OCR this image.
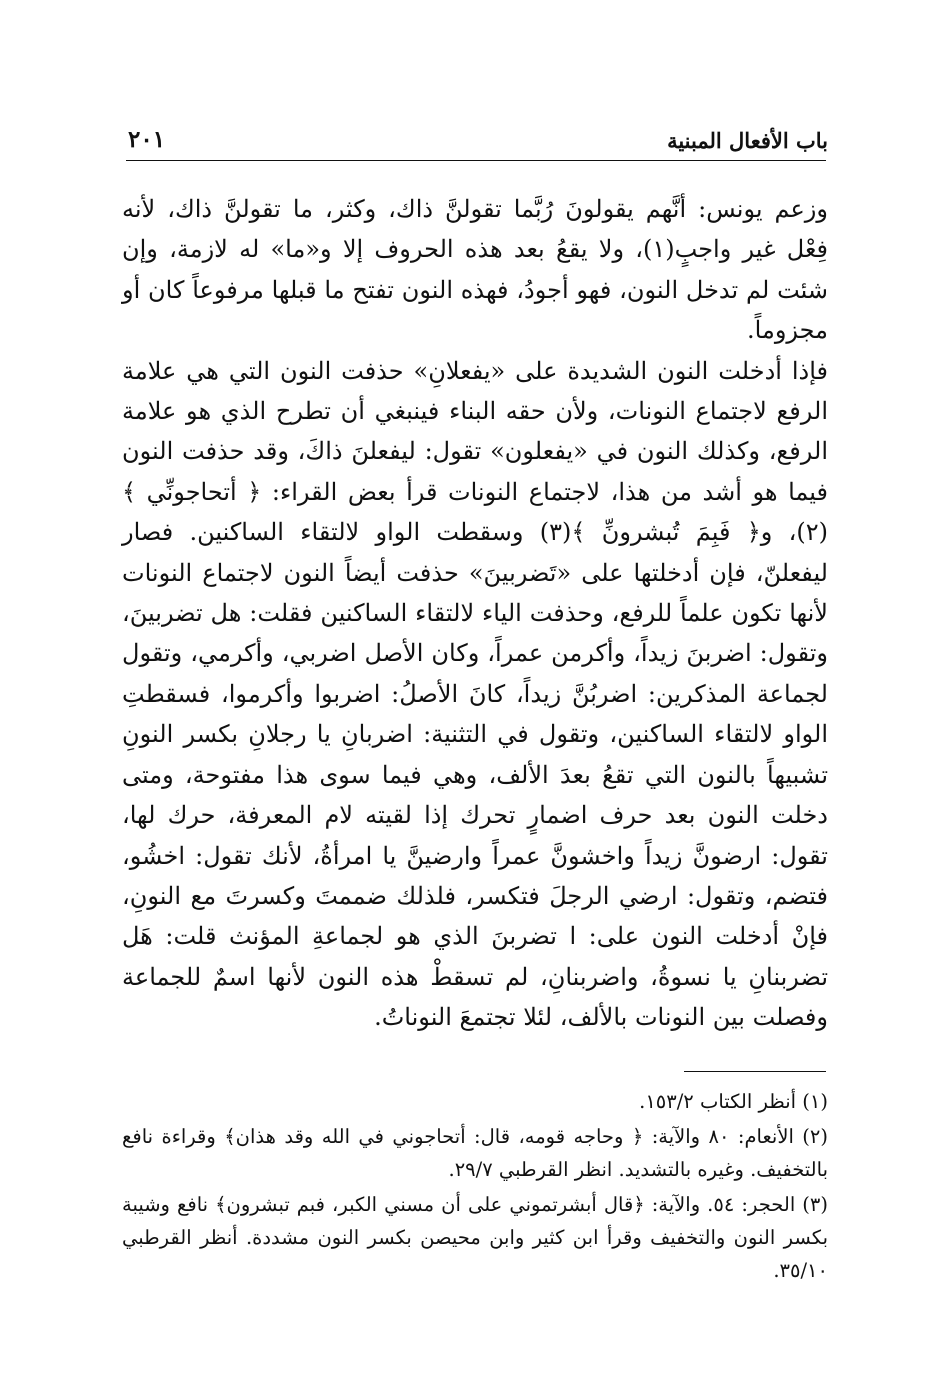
باب الأفعال المبنية
٢٠١

وزعم يونس: أنَّهم يقولونَ رُبَّما تقولنَّ ذاك، وكثر، ما تقولنَّ ذاك، لأنه فِعْل غير واجبٍ(١)، ولا يقعُ بعد هذه الحروف إلا و«ما» له لازمة، وإن شئت لم تدخل النون، فهو أجودُ، فهذه النون تفتح ما قبلها مرفوعاً كان أو مجزوماً.

فإذا أدخلت النون الشديدة على «يفعلانِ» حذفت النون التي هي علامة الرفع لاجتماع النونات، ولأن حقه البناء فينبغي أن تطرح الذي هو علامة الرفع، وكذلك النون في «يفعلون» تقول: ليفعلنَ ذاكَ، وقد حذفت النون فيما هو أشد من هذا، لاجتماع النونات قرأ بعض القراء: ﴿ أتحاجونِّي ﴾(٢)، و﴿ فَبِمَ تُبشرونِّ ﴾(٣) وسقطت الواو لالتقاء الساكنين. فصار ليفعلنّ، فإن أدخلتها على «تَضربينَ» حذفت أيضاً النون لاجتماع النونات لأنها تكون علماً للرفع، وحذفت الياء لالتقاء الساكنين فقلت: هل تضربينَ، وتقول: اضربنَ زيداً، وأكرمن عمراً، وكان الأصل اضربي، وأكرمي، وتقول لجماعة المذكرين: اضربُنَّ زيداً، كانَ الأصلُ: اضربوا وأكرموا، فسقطتِ الواو لالتقاء الساكنين، وتقول في التثنية: اضربانِ يا رجلانِ بكسر النونِ تشبيهاً بالنون التي تقعُ بعدَ الألف، وهي فيما سوى هذا مفتوحة، ومتى دخلت النون بعد حرف اضمارٍ تحرك إذا لقيته لام المعرفة، حرك لها، تقول: ارضونَّ زيداً واخشونَّ عمراً وارضينَّ يا امرأةُ، لأنك تقول: اخشُو، فتضم، وتقول: ارضي الرجلَ فتكسر، فلذلك ضممتَ وكسرتَ مع النونِ، فإنْ أدخلت النون على: ا تضربنَ الذي هو لجماعةِ المؤنث قلت: هَل تضربنانِ يا نسوةُ، واضربنانِ، لم تسقطْ هذه النون لأنها اسمٌ للجماعة وفصلت بين النونات بالألف، لئلا تجتمعَ النوناتُ.

(١) أنظر الكتاب ١٥٣/٢.

(٢) الأنعام: ٨٠ والآية: ﴿ وحاجه قومه، قال: أتحاجوني في الله وقد هذان﴾ وقراءة نافع بالتخفيف. وغيره بالتشديد. انظر القرطبي ٢٩/٧.

(٣) الحجر: ٥٤. والآية: ﴿قال أبشرتموني على أن مسني الكبر، فبم تبشرون﴾ نافع وشيبة بكسر النون والتخفيف وقرأ ابن كثير وابن محيصن بكسر النون مشددة. أنظر القرطبي ٣٥/١٠.
